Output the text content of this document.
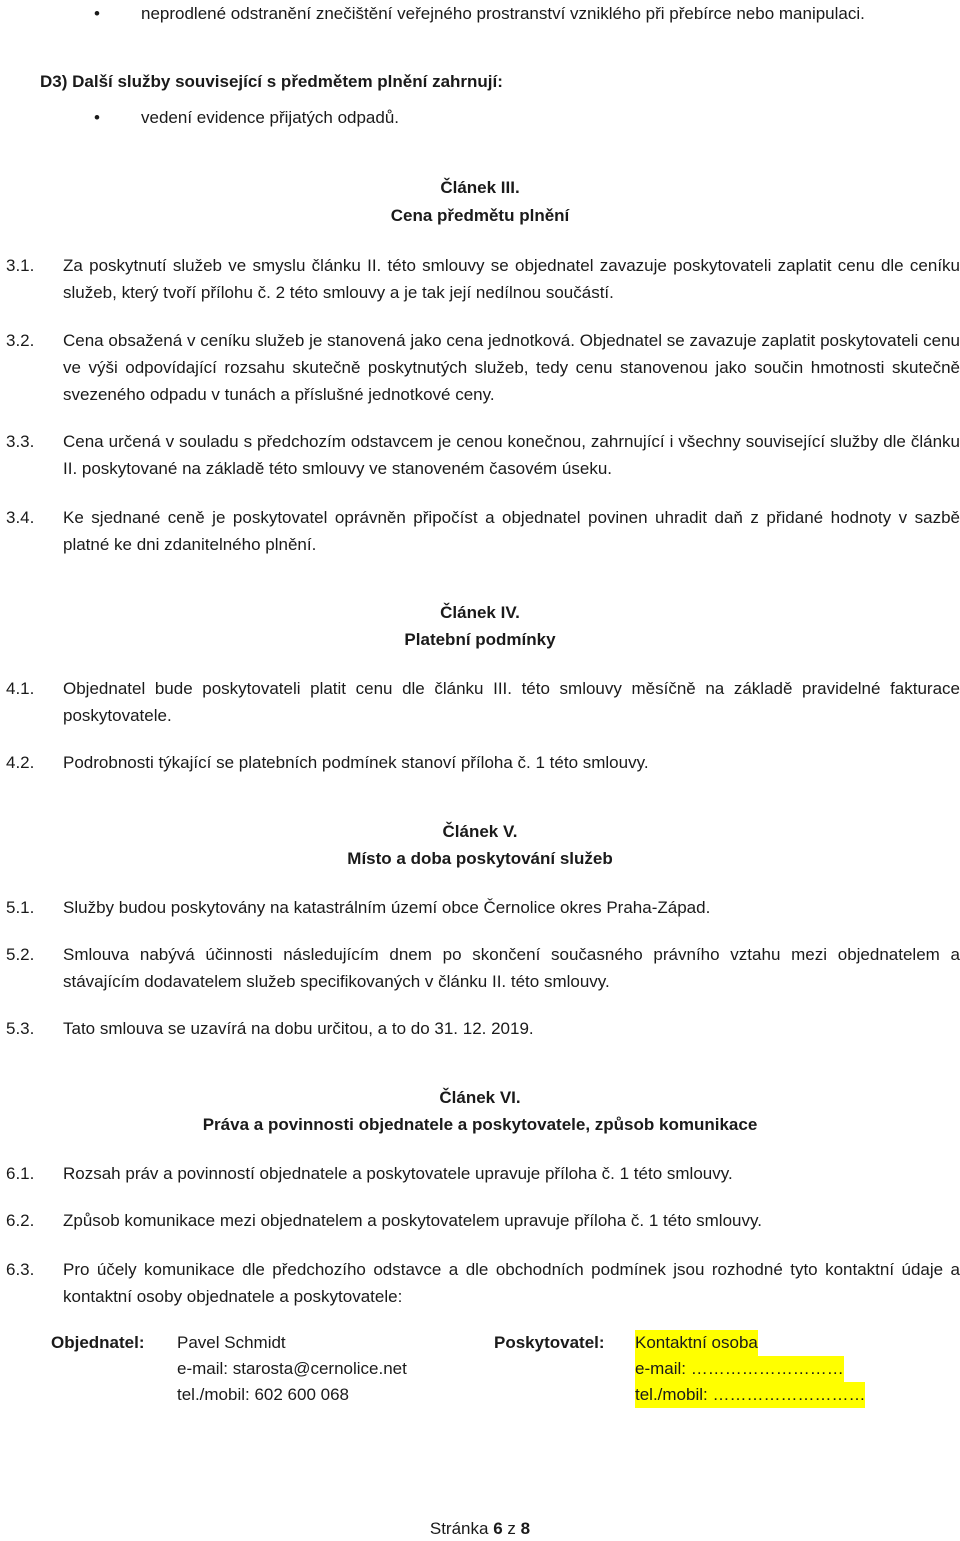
• neprodlené odstranění znečištění veřejného prostranství vzniklého při přebírce nebo manipulaci.
D3) Další služby související s předmětem plnění zahrnují:
• vedení evidence přijatých odpadů.
Článek III.
Cena předmětu plnění
3.1. Za poskytnutí služeb ve smyslu článku II. této smlouvy se objednatel zavazuje poskytovateli zaplatit cenu dle ceníku služeb, který tvoří přílohu č. 2 této smlouvy a je tak její nedílnou součástí.
3.2. Cena obsažená v ceníku služeb je stanovená jako cena jednotková. Objednatel se zavazuje zaplatit poskytovateli cenu ve výši odpovídající rozsahu skutečně poskytnutých služeb, tedy cenu stanovenou jako součin hmotnosti skutečně svezeného odpadu v tunách a příslušné jednotkové ceny.
3.3. Cena určená v souladu s předchozím odstavcem je cenou konečnou, zahrnující i všechny související služby dle článku II. poskytované na základě této smlouvy ve stanoveném časovém úseku.
3.4. Ke sjednané ceně je poskytovatel oprávněn připočíst a objednatel povinen uhradit daň z přidané hodnoty v sazbě platné ke dni zdanitelného plnění.
Článek IV.
Platební podmínky
4.1. Objednatel bude poskytovateli platit cenu dle článku III. této smlouvy měsíčně na základě pravidelné fakturace poskytovatele.
4.2. Podrobnosti týkající se platebních podmínek stanoví příloha č. 1 této smlouvy.
Článek V.
Místo a doba poskytování služeb
5.1. Služby budou poskytovány na katastrálním území obce Černolice okres Praha-Západ.
5.2. Smlouva nabývá účinnosti následujícím dnem po skončení současného právního vztahu mezi objednatelem a stávajícím dodavatelem služeb specifikovaných v článku II. této smlouvy.
5.3. Tato smlouva se uzavírá na dobu určitou, a to do 31. 12. 2019.
Článek VI.
Práva a povinnosti objednatele a poskytovatele, způsob komunikace
6.1. Rozsah práv a povinností objednatele a poskytovatele upravuje příloha č. 1 této smlouvy.
6.2. Způsob komunikace mezi objednatelem a poskytovatelem upravuje příloha č. 1 této smlouvy.
6.3. Pro účely komunikace dle předchozího odstavce a dle obchodních podmínek jsou rozhodné tyto kontaktní údaje a kontaktní osoby objednatele a poskytovatele:
Objednatel: Pavel Schmidt
e-mail: starosta@cernolice.net
tel./mobil: 602 600 068
Poskytovatel: Kontaktní osoba
e-mail: ………………………
tel./mobil: ………………………
Stránka 6 z 8
